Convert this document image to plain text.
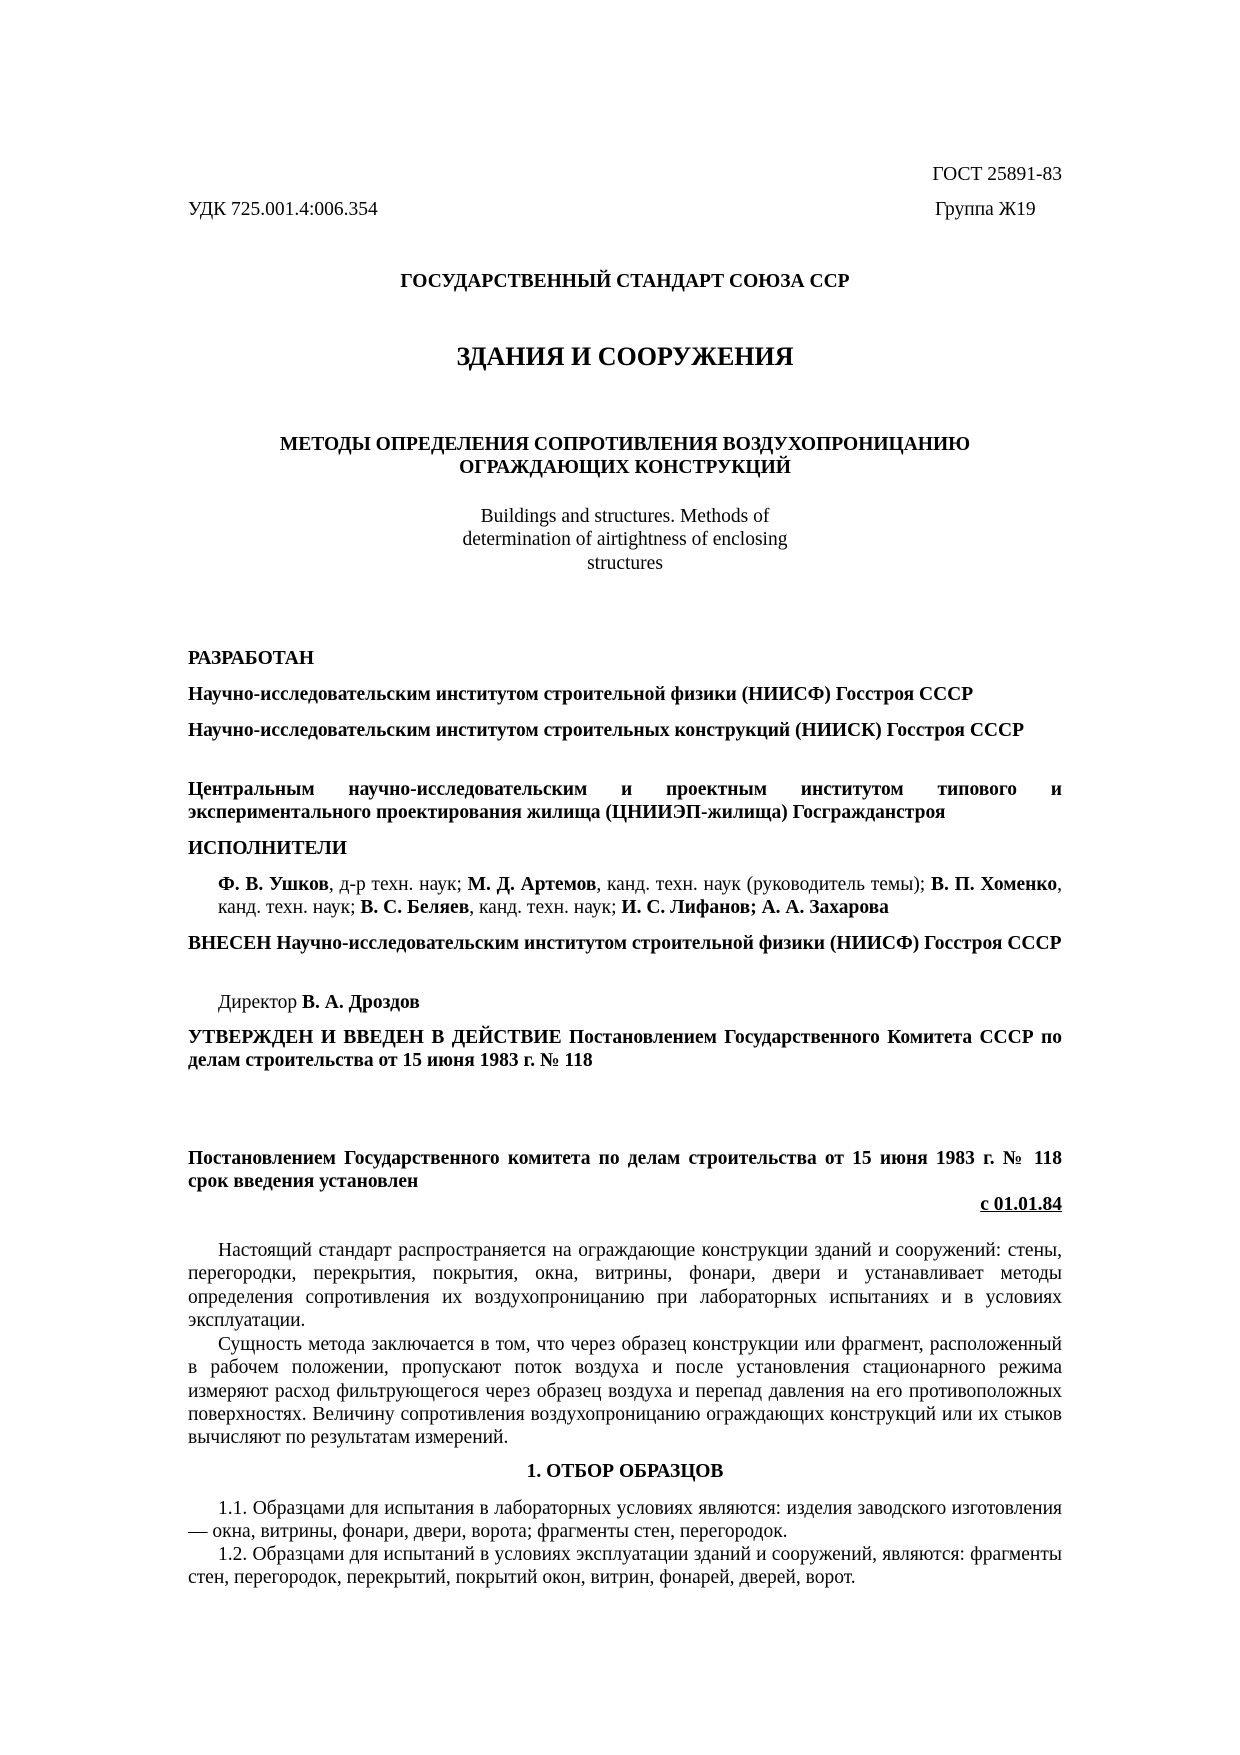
ГОСТ 25891-83

УДК 725.001.4:006.354	Группа Ж19

ГОСУДАРСТВЕННЫЙ СТАНДАРТ СОЮЗА ССР

ЗДАНИЯ И СООРУЖЕНИЯ

МЕТОДЫ ОПРЕДЕЛЕНИЯ СОПРОТИВЛЕНИЯ ВОЗДУХОПРОНИЦАНИЮ

ОГРАЖДАЮЩИХ КОНСТРУКЦИЙ

Buildings and structures. Methods of

determination of airtightness of enclosing

structures

РАЗРАБОТАН

Научно-исследовательским институтом строительной физики (НИИСФ) Госстроя СССР

Научно-исследовательским институтом строительных конструкций (НИИСК) Госстроя СССР

Центральным научно-исследовательским и проектным институтом типового и экспериментального проектирования жилища (ЦНИИЭП-жилища) Госгражданстроя

ИСПОЛНИТЕЛИ

Ф. В. Ушков, д-р техн. наук; М. Д. Артемов, канд. техн. наук (руководитель темы); В. П. Хоменко, канд. техн. наук; В. С. Беляев, канд. техн. наук; И. С. Лифанов; А. А. Захарова

ВНЕСЕН Научно-исследовательским институтом строительной физики (НИИСФ) Госстроя СССР

Директор В. А. Дроздов

УТВЕРЖДЕН И ВВЕДЕН В ДЕЙСТВИЕ Постановлением Государственного Комитета СССР по делам строительства от 15 июня 1983 г. № 118

Постановлением Государственного комитета по делам строительства от 15 июня 1983 г. № 118 срок введения установлен

с 01.01.84

Настоящий стандарт распространяется на ограждающие конструкции зданий и сооружений: стены, перегородки, перекрытия, покрытия, окна, витрины, фонари, двери и устанавливает методы определения сопротивления их воздухопроницанию при лабораторных испытаниях и в условиях эксплуатации.

Сущность метода заключается в том, что через образец конструкции или фрагмент, расположенный в рабочем положении, пропускают поток воздуха и после установления стационарного режима измеряют расход фильтрующегося через образец воздуха и перепад давления на его противоположных поверхностях. Величину сопротивления воздухопроницанию ограждающих конструкций или их стыков вычисляют по результатам измерений.

1. ОТБОР ОБРАЗЦОВ

1.1. Образцами для испытания в лабораторных условиях являются: изделия заводского изготовления — окна, витрины, фонари, двери, ворота; фрагменты стен, перегородок.

1.2. Образцами для испытаний в условиях эксплуатации зданий и сооружений, являются: фрагменты стен, перегородок, перекрытий, покрытий окон, витрин, фонарей, дверей, ворот.
